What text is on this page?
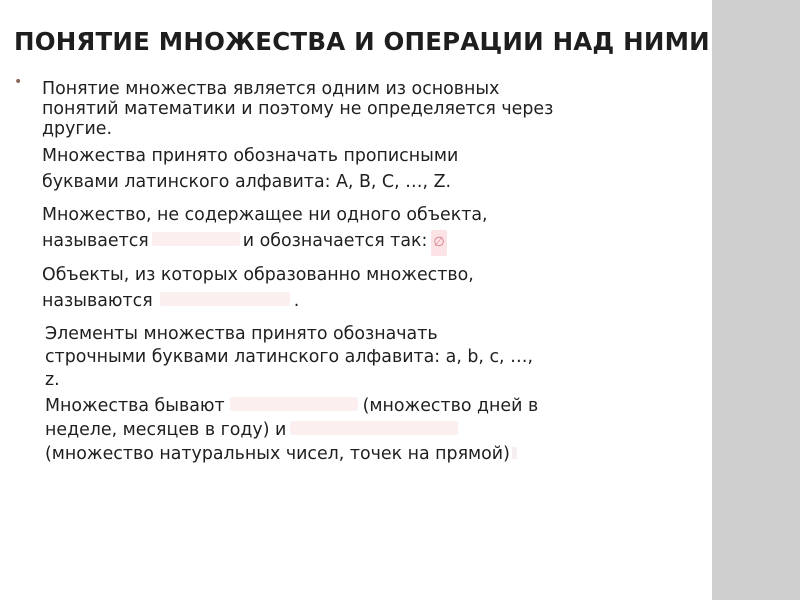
ПОНЯТИЕ МНОЖЕСТВА И ОПЕРАЦИИ НАД НИМИ
• Понятие множества является одним из основных
понятий математики и поэтому не определяется через
другие.
Множества принято обозначать прописными
буквами латинского алфавита: A, B, C, …, Z.
Множество, не содержащее ни одного объекта,
называется	и обозначается так: ∅
Объекты, из которых образованно множество,
называются	.
Элементы множества принято обозначать
строчными буквами латинского алфавита: a, b, c, …,
z.
Множества бывают	(множество дней в
неделе, месяцев в году) и
(множество натуральных чисел, точек на прямой)
